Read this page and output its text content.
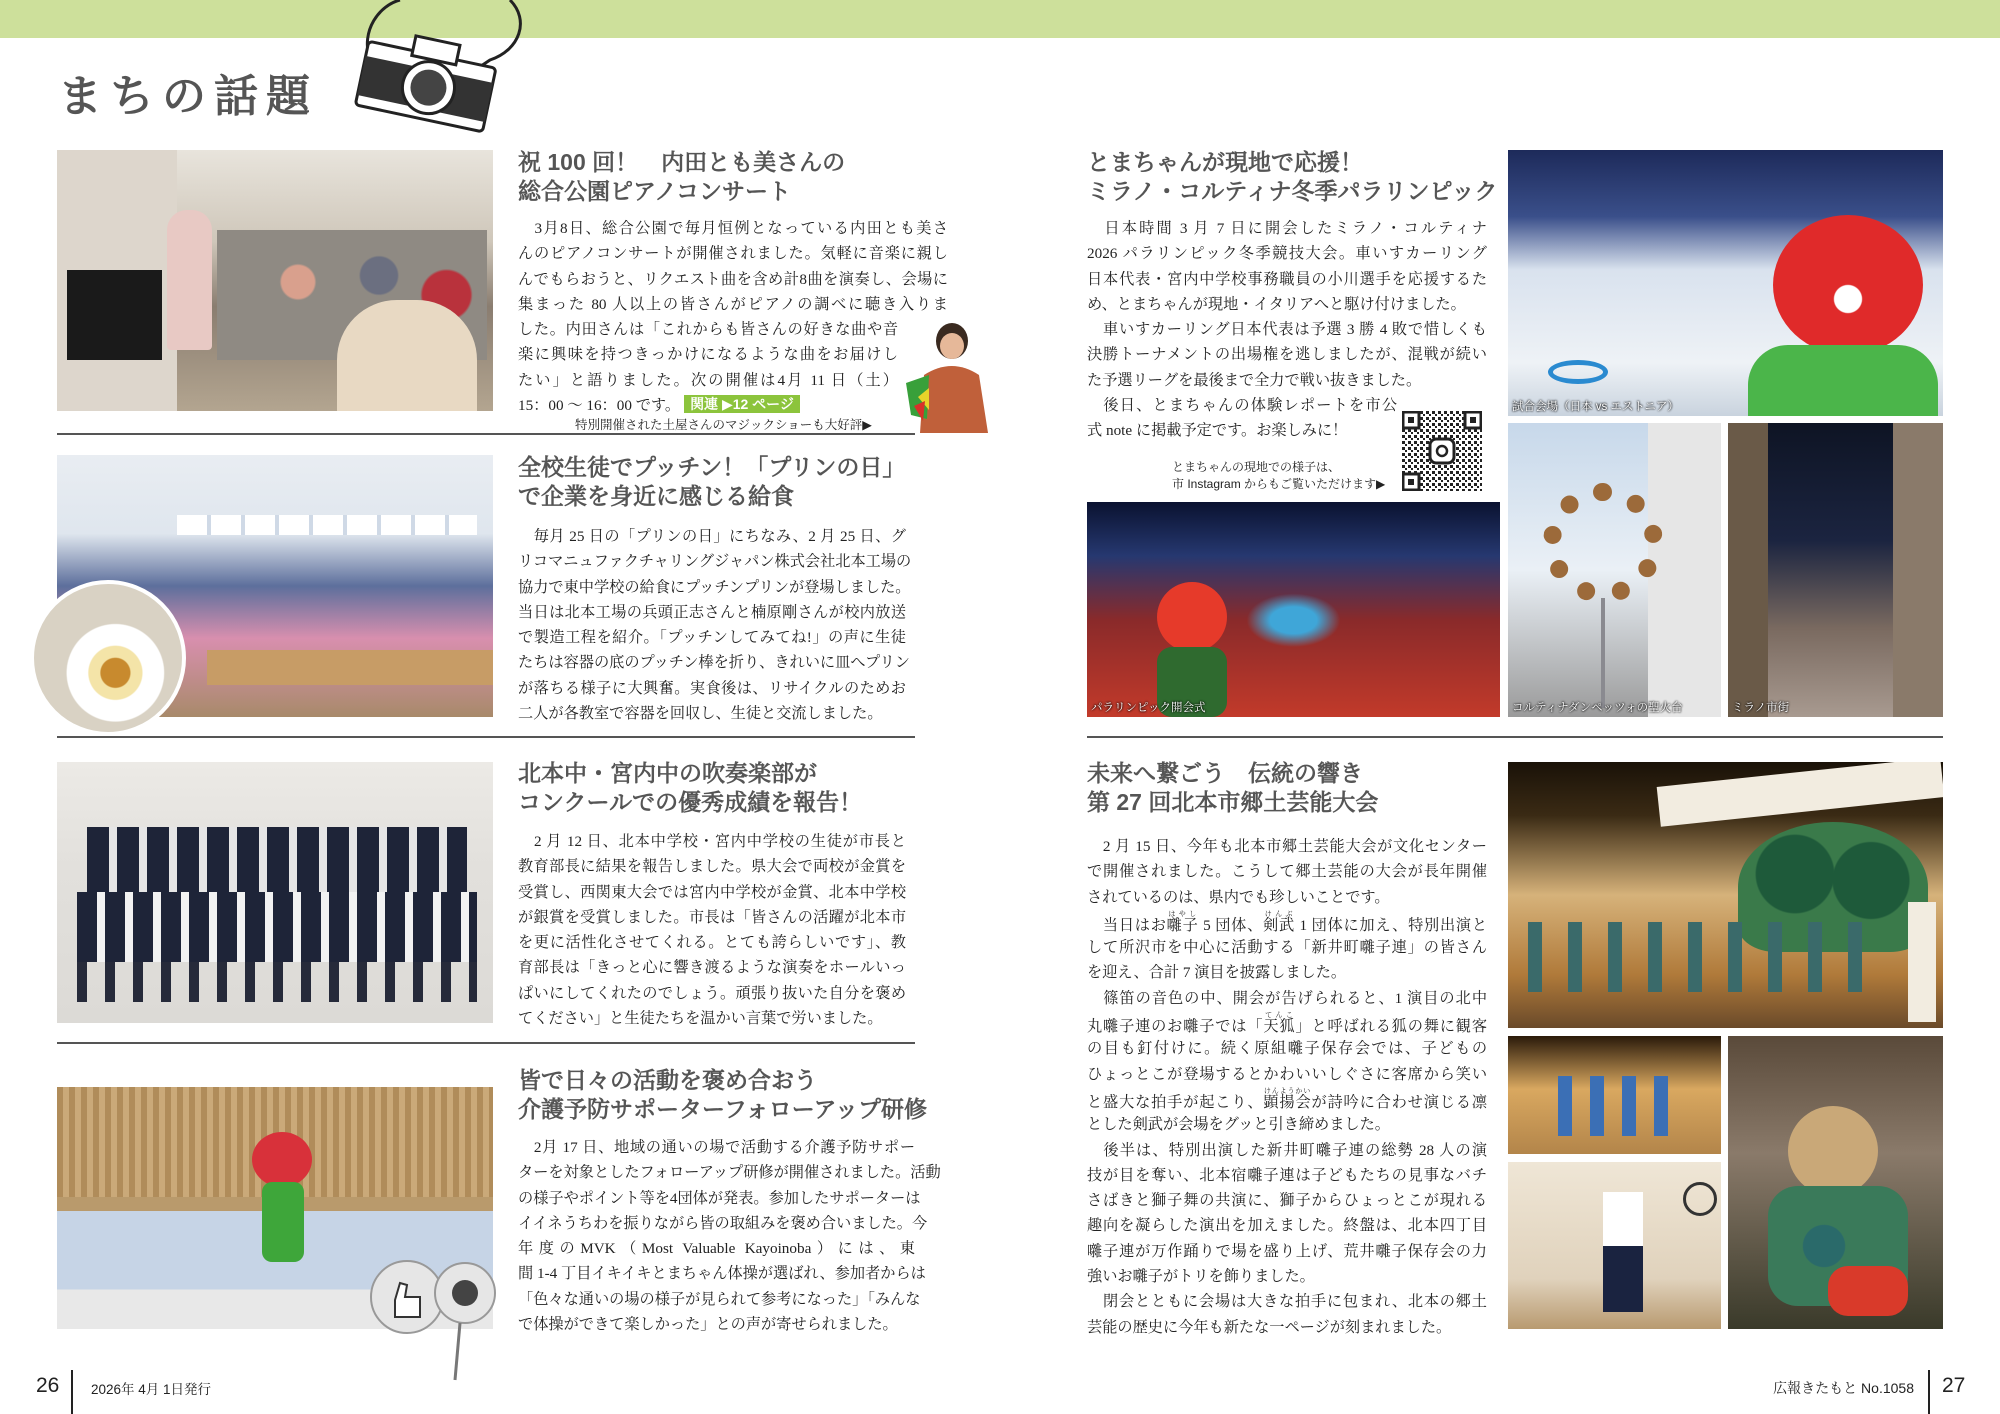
まちの話題
祝 100 回！　内田とも美さんの
総合公園ピアノコンサート
　3月8日、総合公園で毎月恒例となっている内田とも美さ
んのピアノコンサートが開催されました。気軽に音楽に親し
んでもらおうと、リクエスト曲を含め計8曲を演奏し、会場に
集まった 80 人以上の皆さんがピアノの調べに聴き入りま
した。内田さんは「これからも皆さんの好きな曲や音
楽に興味を持つきっかけになるような曲をお届けし
たい」と語りました。次の開催は4月 11 日（土）
15：00 ～ 16：00 です。 関連 ▶12 ページ
特別開催された土屋さんのマジックショーも大好評▶
全校生徒でプッチン！「プリンの日」
で企業を身近に感じる給食
　毎月 25 日の「プリンの日」にちなみ、2 月 25 日、グ
リコマニュファクチャリングジャパン株式会社北本工場の
協力で東中学校の給食にプッチンプリンが登場しました。
当日は北本工場の兵頭正志さんと楠原剛さんが校内放送
で製造工程を紹介。「プッチンしてみてね!」の声に生徒
たちは容器の底のプッチン棒を折り、きれいに皿へプリン
が落ちる様子に大興奮。実食後は、リサイクルのためお
二人が各教室で容器を回収し、生徒と交流しました。
北本中・宮内中の吹奏楽部が
コンクールでの優秀成績を報告！
　2 月 12 日、北本中学校・宮内中学校の生徒が市長と
教育部長に結果を報告しました。県大会で両校が金賞を
受賞し、西関東大会では宮内中学校が金賞、北本中学校
が銀賞を受賞しました。市長は「皆さんの活躍が北本市
を更に活性化させてくれる。とても誇らしいです」、教
育部長は「きっと心に響き渡るような演奏をホールいっ
ぱいにしてくれたのでしょう。頑張り抜いた自分を褒め
てください」と生徒たちを温かい言葉で労いました。
皆で日々の活動を褒め合おう
介護予防サポーターフォローアップ研修
　2月 17 日、地域の通いの場で活動する介護予防サポー
ターを対象としたフォローアップ研修が開催されました。活動
の様子やポイント等を4団体が発表。参加したサポーターは
イイネうちわを振りながら皆の取組みを褒め合いました。今
年度のMVK（Most Valuable Kayoinoba）には、東
間 1-4 丁目イキイキとまちゃん体操が選ばれ、参加者からは
「色々な通いの場の様子が見られて参考になった」「みんな
で体操ができて楽しかった」との声が寄せられました。
とまちゃんが現地で応援！
ミラノ・コルティナ冬季パラリンピック
　日本時間 3 月 7 日に開会したミラノ・コルティナ
2026 パラリンピック冬季競技大会。車いすカーリング
日本代表・宮内中学校事務職員の小川選手を応援するた
め、とまちゃんが現地・イタリアへと駆け付けました。
　車いすカーリング日本代表は予選 3 勝 4 敗で惜しくも
決勝トーナメントの出場権を逃しましたが、混戦が続い
た予選リーグを最後まで全力で戦い抜きました。
　後日、とまちゃんの体験レポートを市公
式 note に掲載予定です。お楽しみに！
とまちゃんの現地での様子は、
市 Instagram からもご覧いただけます▶
試合会場（日本 vs エストニア）
パラリンピック開会式	コルティナダンペッツォの聖火台	ミラノ市街
未来へ繋ごう　伝統の響き
第 27 回北本市郷土芸能大会
　2 月 15 日、今年も北本市郷土芸能大会が文化センター
で開催されました。こうして郷土芸能の大会が長年開催
されているのは、県内でも珍しいことです。
　当日はお囃子はやし 5 団体、剣武けんぶ 1 団体に加え、特別出演と
して所沢市を中心に活動する「新井町囃子連」の皆さん
を迎え、合計 7 演目を披露しました。
　篠笛の音色の中、開会が告げられると、1 演目の北中
丸囃子連のお囃子では「天狐てんこ」と呼ばれる狐の舞に観客
の目も釘付けに。続く原組囃子保存会では、子どもの
ひょっとこが登場するとかわいいしぐさに客席から笑い
と盛大な拍手が起こり、顕揚会けんようかいが詩吟に合わせ演じる凛
とした剣武が会場をグッと引き締めました。
　後半は、特別出演した新井町囃子連の総勢 28 人の演
技が目を奪い、北本宿囃子連は子どもたちの見事なバチ
さばきと獅子舞の共演に、獅子からひょっとこが現れる
趣向を凝らした演出を加えました。終盤は、北本四丁目
囃子連が万作踊りで場を盛り上げ、荒井囃子保存会の力
強いお囃子がトリを飾りました。
　閉会とともに会場は大きな拍手に包まれ、北本の郷土
芸能の歴史に今年も新たな一ページが刻まれました。
26 2026年 4月 1日発行	広報きたもと No.1058 27
